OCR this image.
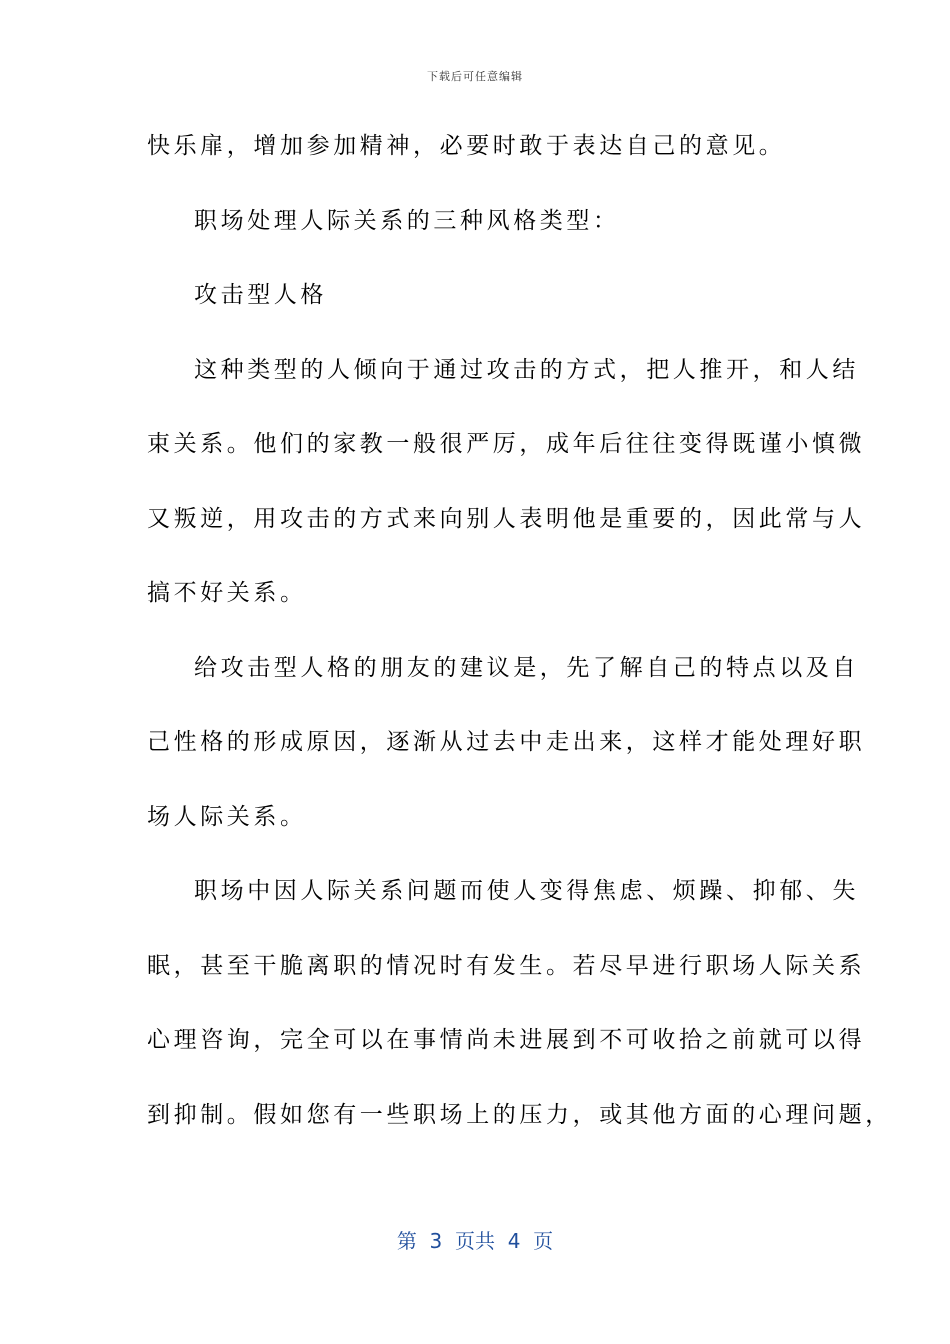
下载后可任意编辑
快乐扉，增加参加精神，必要时敢于表达自己的意见。
职场处理人际关系的三种风格类型：
攻击型人格
这种类型的人倾向于通过攻击的方式，把人推开，和人结
束关系。他们的家教一般很严厉，成年后往往变得既谨小慎微
又叛逆，用攻击的方式来向别人表明他是重要的，因此常与人
搞不好关系。
给攻击型人格的朋友的建议是，先了解自己的特点以及自
己性格的形成原因，逐渐从过去中走出来，这样才能处理好职
场人际关系。
职场中因人际关系问题而使人变得焦虑、烦躁、抑郁、失
眠，甚至干脆离职的情况时有发生。若尽早进行职场人际关系
心理咨询，完全可以在事情尚未进展到不可收拾之前就可以得
到抑制。假如您有一些职场上的压力，或其他方面的心理问题，
第  3  页共  4  页
